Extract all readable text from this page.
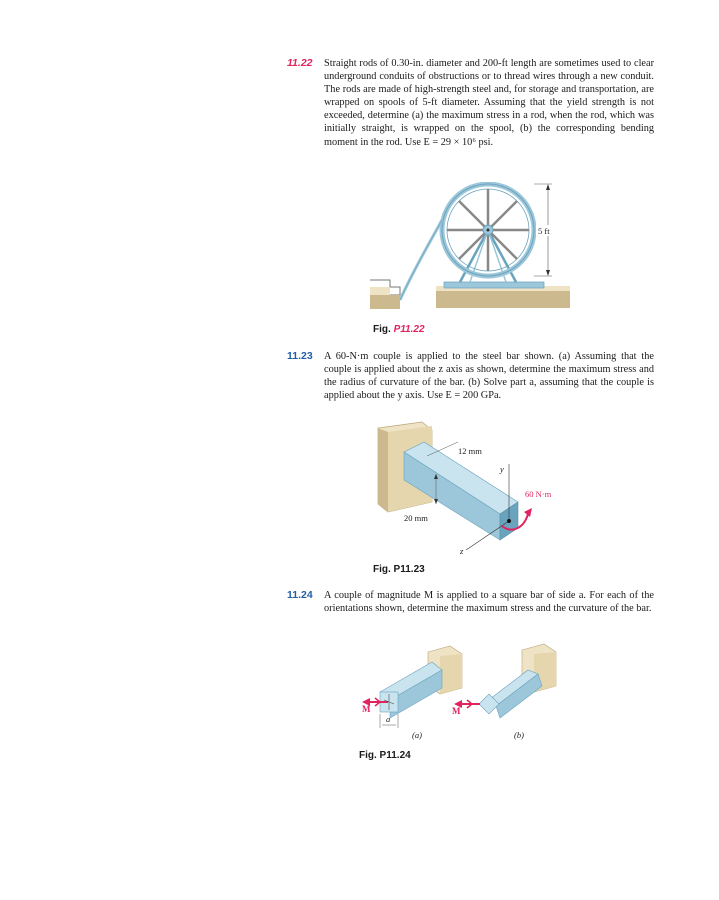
11.22 Straight rods of 0.30-in. diameter and 200-ft length are sometimes used to clear underground conduits of obstructions or to thread wires through a new conduit. The rods are made of high-strength steel and, for storage and transportation, are wrapped on spools of 5-ft diameter. Assuming that the yield strength is not exceeded, determine (a) the maximum stress in a rod, when the rod, which was initially straight, is wrapped on the spool, (b) the corresponding bending moment in the rod. Use E = 29 × 10⁶ psi.
5 ft
Fig. P11.22
11.23 A 60-N·m couple is applied to the steel bar shown. (a) Assuming that the couple is applied about the z axis as shown, determine the maximum stress and the radius of curvature of the bar. (b) Solve part a, assuming that the couple is applied about the y axis. Use E = 200 GPa.
12 mm
20 mm
y
z
60 N·m
Fig. P11.23
11.24 A couple of magnitude M is applied to a square bar of side a. For each of the orientations shown, determine the maximum stress and the curvature of the bar.
M
a
(a)
M
(b)
Fig. P11.24
